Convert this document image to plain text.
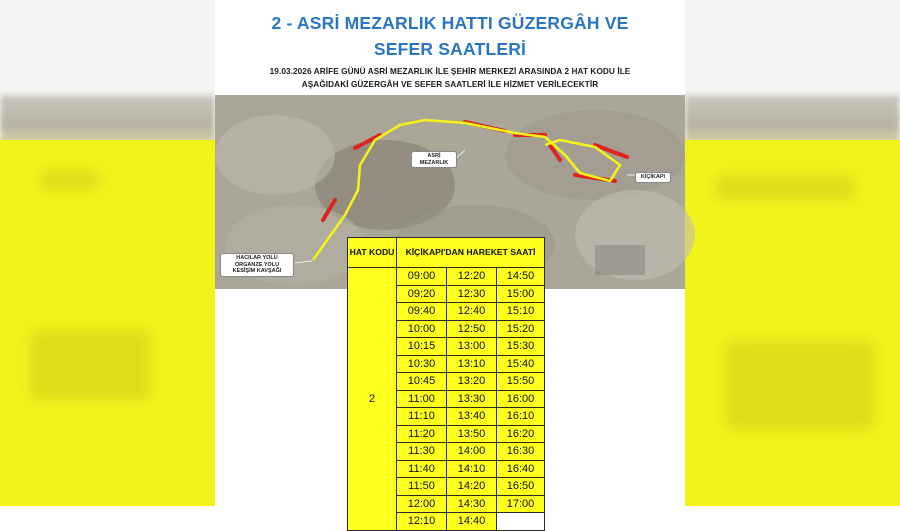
2 - ASRİ MEZARLIK HATTI GÜZERGÂH VE
SEFER SAATLERİ
19.03.2026 ARİFE GÜNÜ ASRİ MEZARLIK İLE ŞEHİR MERKEZİ ARASINDA 2 HAT KODU İLE
AŞAĞIDAKİ GÜZERGÂH VE SEFER SAATLERİ İLE HİZMET VERİLECEKTİR
ASRİ MEZARLIK
KİÇİKAPI
HACILAR YOLU ORGANZE YOLU KESİŞİM KAVŞAĞI
HAT KODU	KİÇİKAPI'DAN HAREKET SAATİ		
2	09:00	12:20	14:50
	09:20	12:30	15:00
	09:40	12:40	15:10
	10:00	12:50	15:20
	10:15	13:00	15:30
	10:30	13:10	15:40
	10:45	13:20	15:50
	11:00	13:30	16:00
	11:10	13:40	16:10
	11:20	13:50	16:20
	11:30	14:00	16:30
	11:40	14:10	16:40
	11:50	14:20	16:50
	12:00	14:30	17:00
	12:10	14:40	
